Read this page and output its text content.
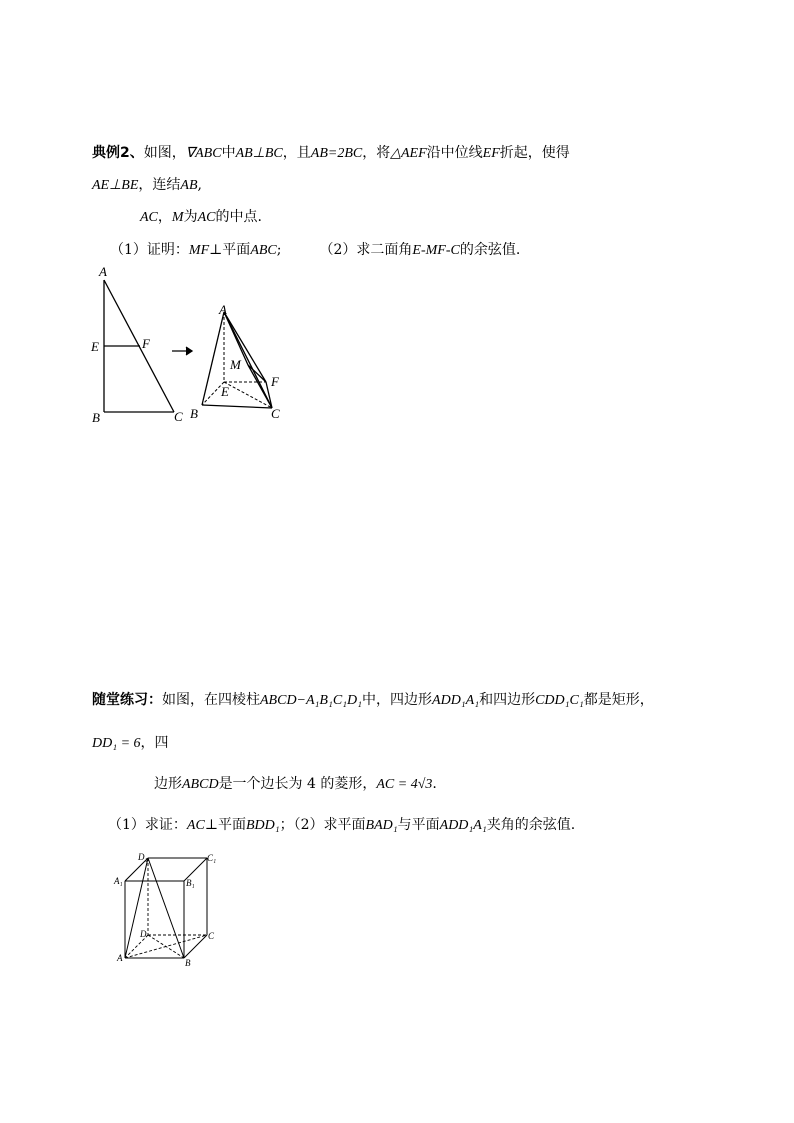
典例2、如图，∇ABC中AB⊥BC，且AB=2BC，将△AEF沿中位线EF折起，使得
AE⊥BE，连结AB,
AC，M为AC的中点.
（1）证明：MF⊥平面ABC;	（2）求二面角E-MF-C的余弦值.
A
E	F
B	C
A
M
F
E
B	C
随堂练习：如图，在四棱柱ABCD−A₁B₁C₁D₁中，四边形ADD₁A₁和四边形CDD₁C₁都是矩形，
DD₁ = 6，四
边形ABCD是一个边长为 4 的菱形，AC = 4√3.
（1）求证：AC⊥平面BDD₁；（2）求平面BAD₁与平面ADD₁A₁夹角的余弦值.
D₁	C₁
A₁	B₁
D	C
A	B
